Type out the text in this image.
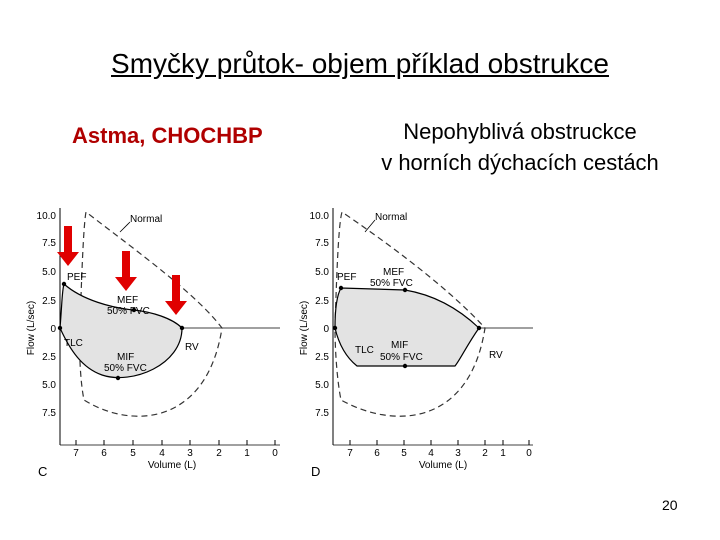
Smyčky průtok- objem příklad obstrukce
Astma, CHOCHBP	Nepohyblivá obstruckce
v horních dýchacích cestách
Flow (L/sec)
10.0
7.5
5.0
2.5
0
2.5
5.0
7.5
7 6 5 4 3 2 1 0
Volume (L)
C
Normal
PEF
MEF
50% FVC
TLC
MIF
50% FVC
RV	Flow (L/sec)
10.0
7.5
5.0
2.5
0
2.5
5.0
7.5
7 6 5 4 3 2 1 0
Volume (L)
D
Normal
PEF	MEF
50% FVC
TLC MIF
50% FVC	RV
20
